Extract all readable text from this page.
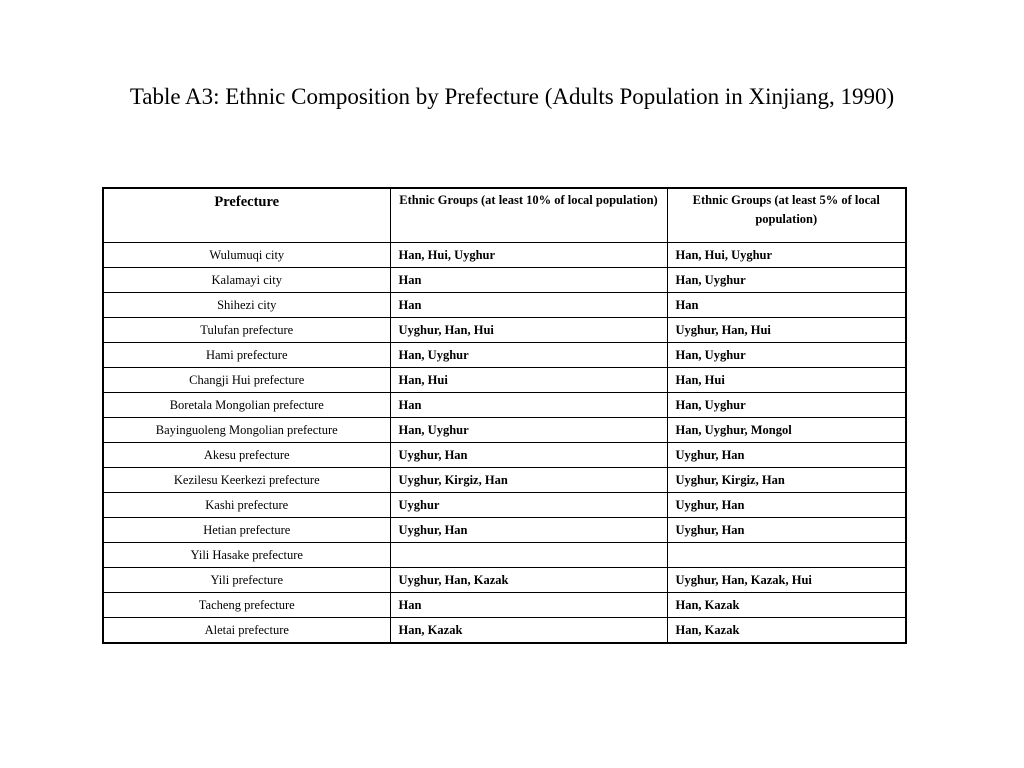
Table A3: Ethnic Composition by Prefecture (Adults Population in Xinjiang, 1990)
Prefecture	Ethnic Groups (at least 10% of local population)	Ethnic Groups (at least 5% of local population)
Wulumuqi city	Han, Hui, Uyghur	Han, Hui, Uyghur
Kalamayi city	Han	Han, Uyghur
Shihezi city	Han	Han
Tulufan prefecture	Uyghur, Han, Hui	Uyghur, Han, Hui
Hami prefecture	Han, Uyghur	Han, Uyghur
Changji Hui prefecture	Han, Hui	Han, Hui
Boretala Mongolian prefecture	Han	Han, Uyghur
Bayinguoleng Mongolian prefecture	Han, Uyghur	Han, Uyghur, Mongol
Akesu prefecture	Uyghur, Han	Uyghur, Han
Kezilesu Keerkezi prefecture	Uyghur, Kirgiz, Han	Uyghur, Kirgiz, Han
Kashi prefecture	Uyghur	Uyghur, Han
Hetian prefecture	Uyghur, Han	Uyghur, Han
Yili Hasake prefecture		
Yili prefecture	Uyghur, Han, Kazak	Uyghur, Han, Kazak, Hui
Tacheng prefecture	Han	Han, Kazak
Aletai prefecture	Han, Kazak	Han, Kazak
